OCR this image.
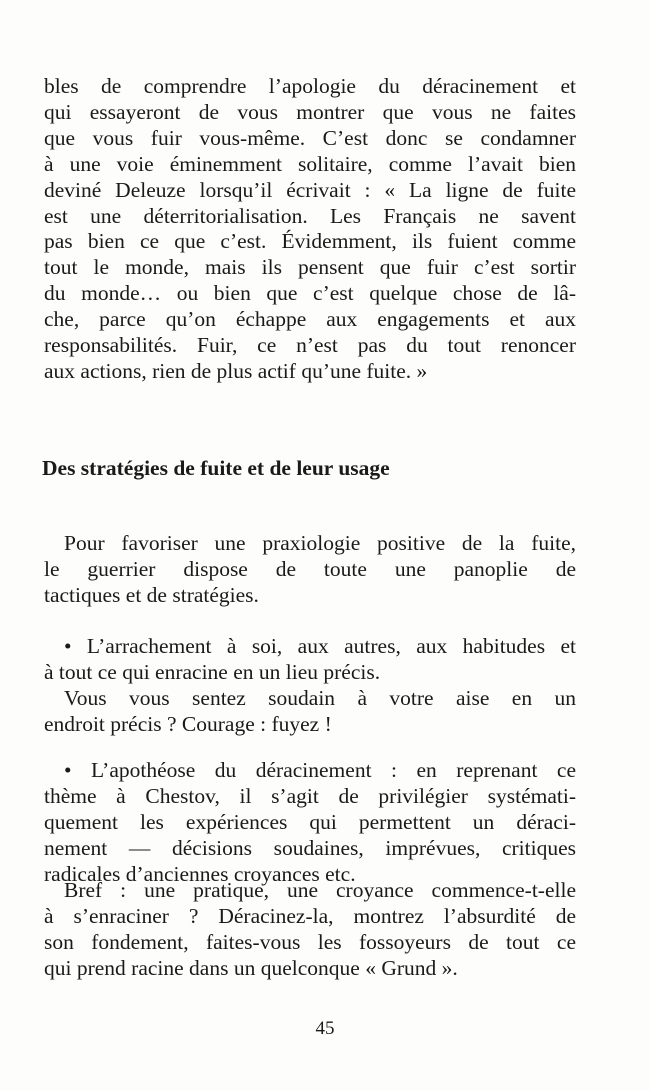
bles de comprendre l’apologie du déracinement et
qui essayeront de vous montrer que vous ne faites
que vous fuir vous-même. C’est donc se condamner
à une voie éminemment solitaire, comme l’avait bien
deviné Deleuze lorsqu’il écrivait : « La ligne de fuite
est une déterritorialisation. Les Français ne savent
pas bien ce que c’est. Évidemment, ils fuient comme
tout le monde, mais ils pensent que fuir c’est sortir
du monde… ou bien que c’est quelque chose de lâ-
che, parce qu’on échappe aux engagements et aux
responsabilités. Fuir, ce n’est pas du tout renoncer
aux actions, rien de plus actif qu’une fuite. »
Des stratégies de fuite et de leur usage
Pour favoriser une praxiologie positive de la fuite,
le guerrier dispose de toute une panoplie de
tactiques et de stratégies.
• L’arrachement à soi, aux autres, aux habitudes et
à tout ce qui enracine en un lieu précis.
Vous vous sentez soudain à votre aise en un
endroit précis ? Courage : fuyez !
• L’apothéose du déracinement : en reprenant ce
thème à Chestov, il s’agit de privilégier systémati-
quement les expériences qui permettent un déraci-
nement — décisions soudaines, imprévues, critiques
radicales d’anciennes croyances etc.
Bref : une pratique, une croyance commence-t-elle
à s’enraciner ? Déracinez-la, montrez l’absurdité de
son fondement, faites-vous les fossoyeurs de tout ce
qui prend racine dans un quelconque « Grund ».
45
